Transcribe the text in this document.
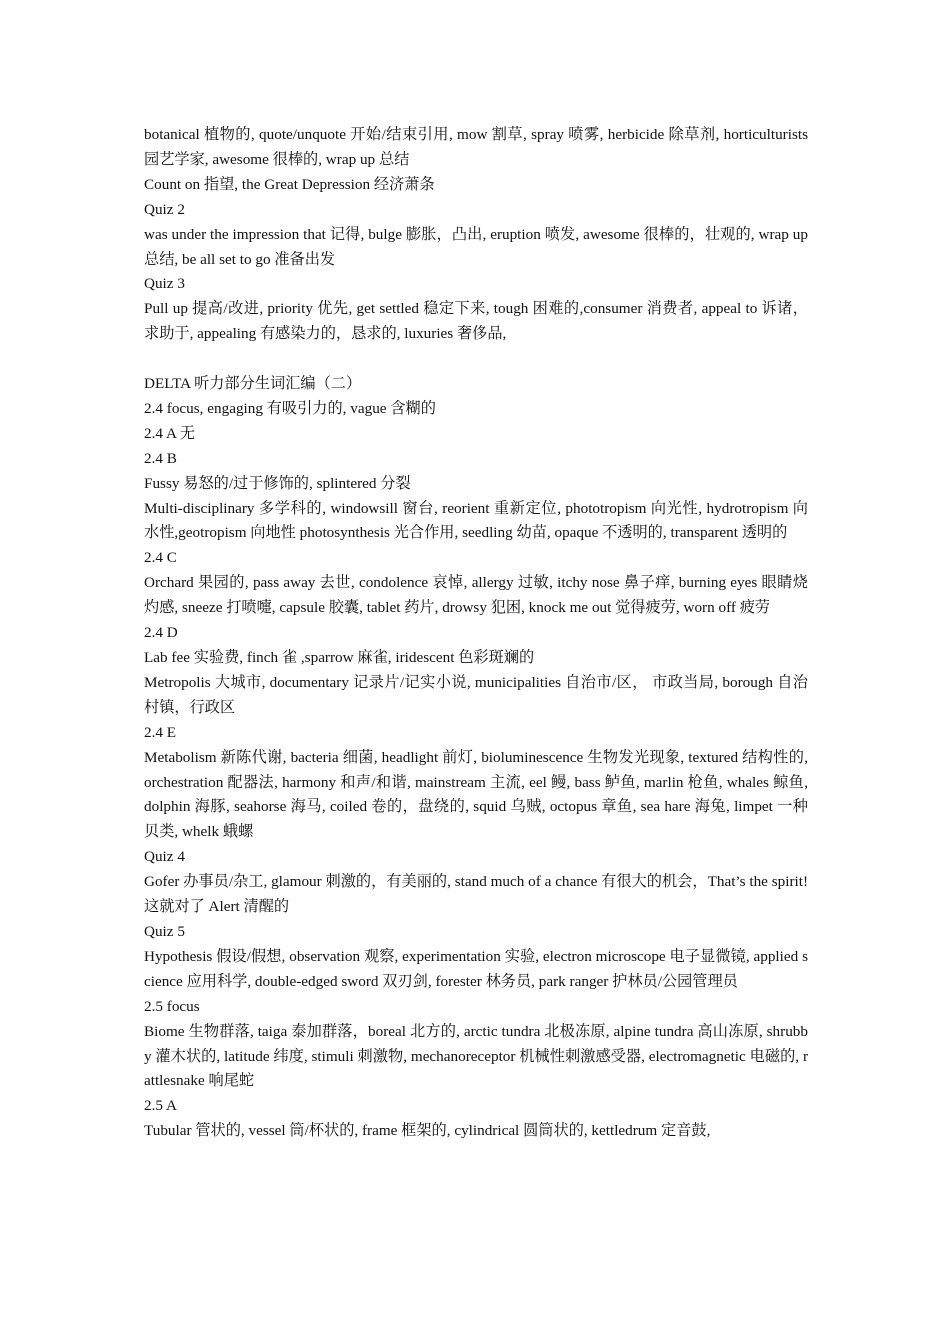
botanical 植物的, quote/unquote 开始/结束引用, mow 割草, spray 喷雾, herbicide 除草剂, horticulturists 园艺学家, awesome 很棒的, wrap up 总结

Count on 指望, the Great Depression 经济萧条

Quiz 2

was under the impression that 记得, bulge 膨胀，凸出, eruption 喷发, awesome 很棒的，壮观的, wrap up 总结, be all set to go 准备出发

Quiz 3

Pull up 提高/改进, priority 优先, get settled 稳定下来, tough 困难的,consumer 消费者, appeal to 诉诸，求助于, appealing 有感染力的，恳求的, luxuries 奢侈品,

DELTA 听力部分生词汇编（二）

2.4 focus, engaging 有吸引力的, vague 含糊的

2.4 A 无

2.4 B

Fussy 易怒的/过于修饰的, splintered 分裂

Multi-disciplinary 多学科的, windowsill 窗台, reorient 重新定位, phototropism 向光性, hydrotropism 向水性,geotropism 向地性 photosynthesis 光合作用, seedling 幼苗, opaque 不透明的, transparent 透明的

2.4 C

Orchard 果园的, pass away 去世, condolence 哀悼, allergy 过敏, itchy nose 鼻子痒, burning eyes 眼睛烧灼感, sneeze 打喷嚏, capsule 胶囊, tablet 药片, drowsy 犯困, knock me out 觉得疲劳, worn off 疲劳

2.4 D

Lab fee 实验费, finch 雀 ,sparrow 麻雀, iridescent 色彩斑斓的

Metropolis 大城市, documentary 记录片/记实小说, municipalities 自治市/区， 市政当局, borough 自治村镇，行政区

2.4 E

Metabolism 新陈代谢, bacteria 细菌, headlight 前灯, bioluminescence 生物发光现象, textured 结构性的, orchestration 配器法, harmony 和声/和谐, mainstream 主流, eel 鳗, bass 鲈鱼, marlin 枪鱼, whales 鲸鱼, dolphin 海豚, seahorse 海马, coiled 卷的，盘绕的, squid 乌贼, octopus 章鱼, sea hare 海兔, limpet 一种贝类, whelk 蛾螺

Quiz 4

Gofer 办事员/杂工, glamour 刺激的，有美丽的, stand much of a chance 有很大的机会，That’s the spirit! 这就对了 Alert 清醒的

Quiz 5

Hypothesis 假设/假想, observation 观察, experimentation 实验, electron microscope 电子显微镜, applied science 应用科学, double-edged sword 双刃剑, forester 林务员, park ranger 护林员/公园管理员

2.5 focus

Biome 生物群落, taiga 泰加群落，boreal 北方的, arctic tundra 北极冻原, alpine tundra 高山冻原, shrubby 灌木状的, latitude 纬度, stimuli 刺激物, mechanoreceptor 机械性刺激感受器, electromagnetic 电磁的, rattlesnake 响尾蛇

2.5 A

Tubular 管状的, vessel 筒/杯状的, frame 框架的, cylindrical 圆筒状的, kettledrum 定音鼓,
